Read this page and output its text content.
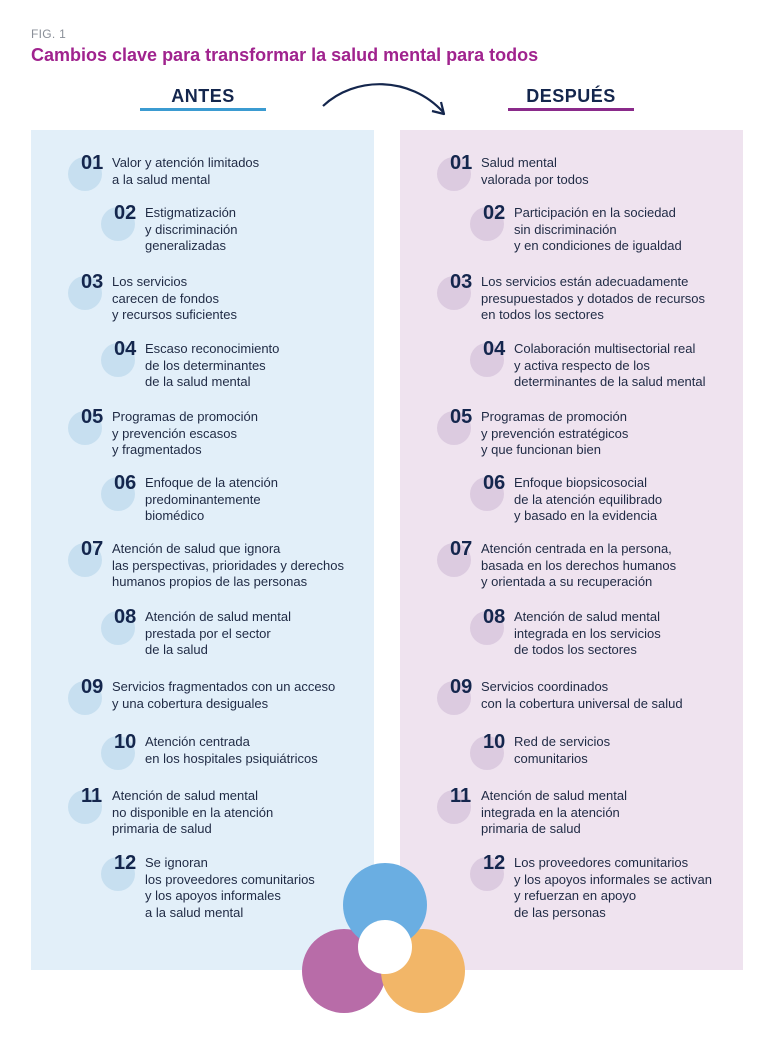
FIG. 1
Cambios clave para transformar la salud mental para todos
ANTES	DESPUÉS
01 Valor y atención limitados
a la salud mental
02 Estigmatización
y discriminación
generalizadas
03 Los servicios
carecen de fondos
y recursos suficientes
04 Escaso reconocimiento
de los determinantes
de la salud mental
05 Programas de promoción
y prevención escasos
y fragmentados
06 Enfoque de la atención
predominantemente
biomédico
07 Atención de salud que ignora
las perspectivas, prioridades y derechos
humanos propios de las personas
08 Atención de salud mental
prestada por el sector
de la salud
09 Servicios fragmentados con un acceso
y una cobertura desiguales
10 Atención centrada
en los hospitales psiquiátricos
11 Atención de salud mental
no disponible en la atención
primaria de salud
12 Se ignoran
los proveedores comunitarios
y los apoyos informales
a la salud mental
01 Salud mental
valorada por todos
02 Participación en la sociedad
sin discriminación
y en condiciones de igualdad
03 Los servicios están adecuadamente
presupuestados y dotados de recursos
en todos los sectores
04 Colaboración multisectorial real
y activa respecto de los
determinantes de la salud mental
05 Programas de promoción
y prevención estratégicos
y que funcionan bien
06 Enfoque biopsicosocial
de la atención equilibrado
y basado en la evidencia
07 Atención centrada en la persona,
basada en los derechos humanos
y orientada a su recuperación
08 Atención de salud mental
integrada en los servicios
de todos los sectores
09 Servicios coordinados
con la cobertura universal de salud
10 Red de servicios
comunitarios
11 Atención de salud mental
integrada en la atención
primaria de salud
12 Los proveedores comunitarios
y los apoyos informales se activan
y refuerzan en apoyo
de las personas
